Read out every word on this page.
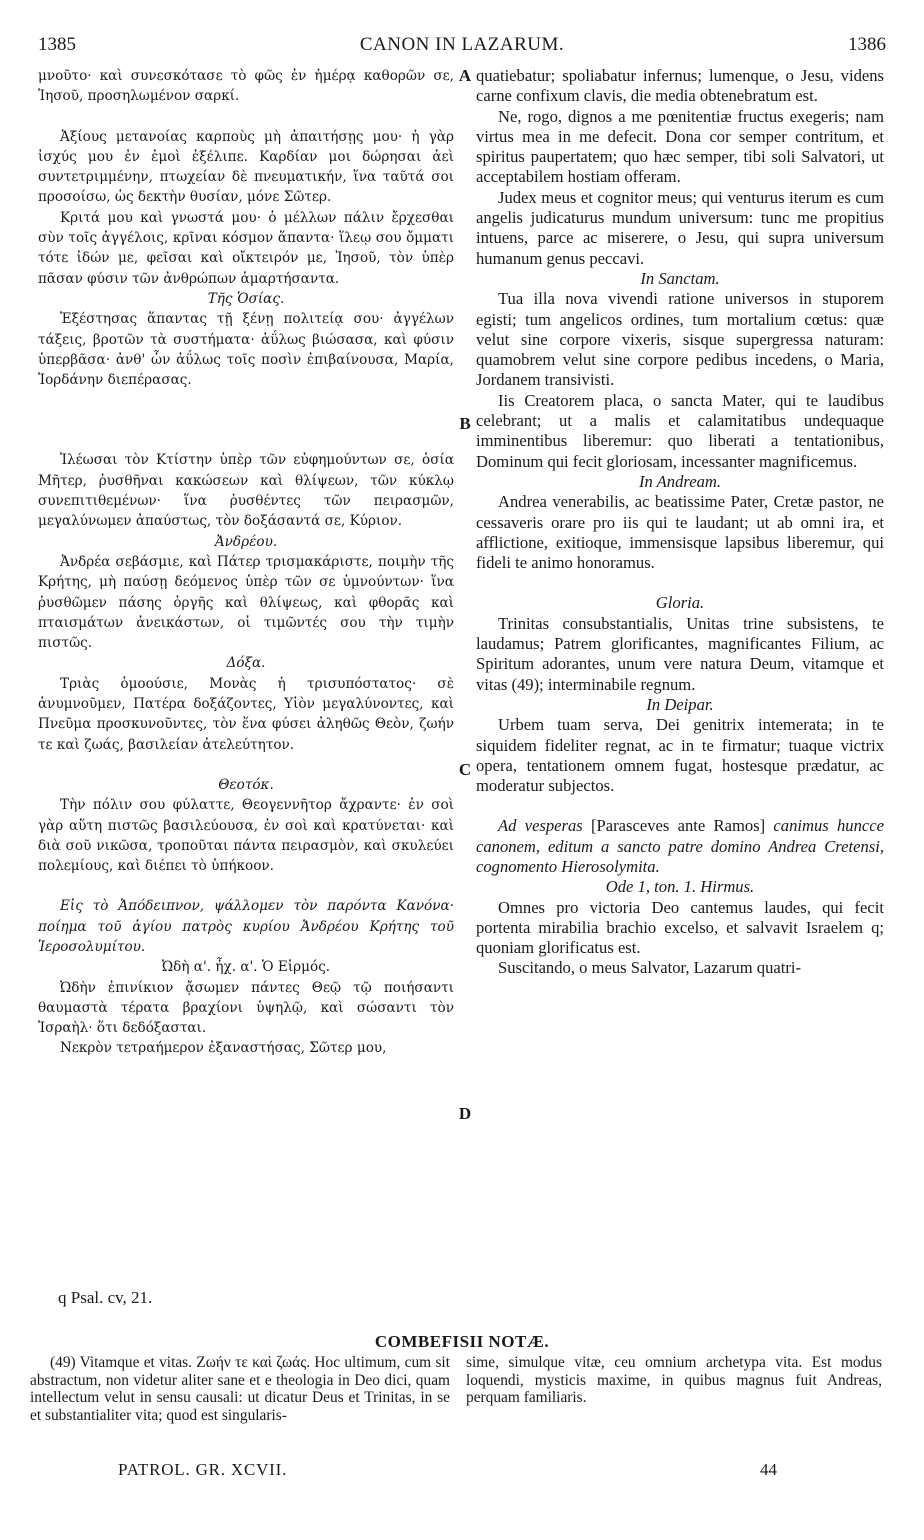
1385	CANON IN LAZARUM.	1386
A
B
C
D

μνοῦτο· καὶ συνεσκότασε τὸ φῶς ἐν ἡμέρᾳ καθορῶν σε, Ἰησοῦ, προσηλωμένον σαρκί.

Ἀξίους μετανοίας καρποὺς μὴ ἀπαιτήσῃς μου· ἡ γὰρ ἰσχύς μου ἐν ἐμοὶ ἐξέλιπε. Καρδίαν μοι δώρησαι ἀεὶ συντετριμμένην, πτωχείαν δὲ πνευματικήν, ἵνα ταῦτά σοι προσοίσω, ὡς δεκτὴν θυσίαν, μόνε Σῶτερ.

Κριτά μου καὶ γνωστά μου· ὁ μέλλων πάλιν ἔρχεσθαι σὺν τοῖς ἀγγέλοις, κρῖναι κόσμον ἅπαντα· ἵλεῳ σου ὄμματι τότε ἰδών με, φεῖσαι καὶ οἴκτειρόν με, Ἰησοῦ, τὸν ὑπὲρ πᾶσαν φύσιν τῶν ἀνθρώπων ἁμαρτήσαντα.

Τῆς Ὁσίας.

Ἐξέστησας ἅπαντας τῇ ξένῃ πολιτείᾳ σου· ἀγγέλων τάξεις, βροτῶν τὰ συστήματα· ἀΰλως βιώσασα, καὶ φύσιν ὑπερβᾶσα· ἀνθ' ὧν ἀΰλως τοῖς ποσὶν ἐπιβαίνουσα, Μαρία, Ἰορδάνην διεπέρασας.

Ἱλέωσαι τὸν Κτίστην ὑπὲρ τῶν εὐφημούντων σε, ὁσία Μῆτερ, ῥυσθῆναι κακώσεων καὶ θλίψεων, τῶν κύκλῳ συνεπιτιθεμένων· ἵνα ῥυσθέντες τῶν πειρασμῶν, μεγαλύνωμεν ἀπαύστως, τὸν δοξάσαντά σε, Κύριον.

Ἀνδρέου.

Ἀνδρέα σεβάσμιε, καὶ Πάτερ τρισμακάριστε, ποιμὴν τῆς Κρήτης, μὴ παύσῃ δεόμενος ὑπὲρ τῶν σε ὑμνούντων· ἵνα ῥυσθῶμεν πάσης ὀργῆς καὶ θλίψεως, καὶ φθορᾶς καὶ πταισμάτων ἀνεικάστων, οἱ τιμῶντές σου τὴν τιμὴν πιστῶς.

Δόξα.

Τριὰς ὁμοούσιε, Μονὰς ἡ τρισυπόστατος· σὲ ἀνυμνοῦμεν, Πατέρα δοξάζοντες, Υἱὸν μεγαλύνοντες, καὶ Πνεῦμα προσκυνοῦντες, τὸν ἕνα φύσει ἀληθῶς Θεὸν, ζωήν τε καὶ ζωάς, βασιλείαν ἀτελεύτητον.

Θεοτόκ.

Τὴν πόλιν σου φύλαττε, Θεογεννῆτορ ἄχραντε· ἐν σοὶ γὰρ αὕτη πιστῶς βασιλεύουσα, ἐν σοὶ καὶ κρατύνεται· καὶ διὰ σοῦ νικῶσα, τροποῦται πάντα πειρασμὸν, καὶ σκυλεύει πολεμίους, καὶ διέπει τὸ ὑπήκοον.

Εἰς τὸ Ἀπόδειπνον, ψάλλομεν τὸν παρόντα Κανόνα· ποίημα τοῦ ἁγίου πατρὸς κυρίου Ἀνδρέου Κρήτης τοῦ Ἱεροσολυμίτου.

Ὠδὴ α'. ἦχ. α'. Ὁ Εἱρμός.

Ὠδὴν ἐπινίκιον ᾄσωμεν πάντες Θεῷ τῷ ποιήσαντι θαυμαστὰ τέρατα βραχίονι ὑψηλῷ, καὶ σώσαντι τὸν Ἰσραὴλ· ὅτι δεδόξασται.

Νεκρὸν τετραήμερον ἐξαναστήσας, Σῶτερ μου,

quatiebatur; spoliabatur infernus; lumenque, o Jesu, videns carne confixum clavis, die media obtenebratum est.

Ne, rogo, dignos a me pœnitentiæ fructus exegeris; nam virtus mea in me defecit. Dona cor semper contritum, et spiritus paupertatem; quo hæc semper, tibi soli Salvatori, ut acceptabilem hostiam offeram.

Judex meus et cognitor meus; qui venturus iterum es cum angelis judicaturus mundum universum: tunc me propitius intuens, parce ac miserere, o Jesu, qui supra universum humanum genus peccavi.

In Sanctam.

Tua illa nova vivendi ratione universos in stuporem egisti; tum angelicos ordines, tum mortalium cœtus: quæ velut sine corpore vixeris, sisque supergressa naturam: quamobrem velut sine corpore pedibus incedens, o Maria, Jordanem transivisti.

Iis Creatorem placa, o sancta Mater, qui te laudibus celebrant; ut a malis et calamitatibus undequaque imminentibus liberemur: quo liberati a tentationibus, Dominum qui fecit gloriosam, incessanter magnificemus.

In Andream.

Andrea venerabilis, ac beatissime Pater, Cretæ pastor, ne cessaveris orare pro iis qui te laudant; ut ab omni ira, et afflictione, exitioque, immensisque lapsibus liberemur, qui fideli te animo honoramus.

Gloria.

Trinitas consubstantialis, Unitas trine subsistens, te laudamus; Patrem glorificantes, magnificantes Filium, ac Spiritum adorantes, unum vere natura Deum, vitamque et vitas (49); interminabile regnum.

In Deipar.

Urbem tuam serva, Dei genitrix intemerata; in te siquidem fideliter regnat, ac in te firmatur; tuaque victrix opera, tentationem omnem fugat, hostesque prædatur, ac moderatur subjectos.

Ad vesperas [Parasceves ante Ramos] canimus huncce canonem, editum a sancto patre domino Andrea Cretensi, cognomento Hierosolymita.

Ode 1, ton. 1. Hirmus.

Omnes pro victoria Deo cantemus laudes, qui fecit portenta mirabilia brachio excelso, et salvavit Israelem q; quoniam glorificatus est.

Suscitando, o meus Salvator, Lazarum quatri-

q Psal. cv, 21.
COMBEFISII NOTÆ.

(49) Vitamque et vitas. Ζωήν τε καὶ ζωάς. Hoc ultimum, cum sit abstractum, non videtur aliter sane et e theologia in Deo dici, quam intellectum velut in sensu causali: ut dicatur Deus et Trinitas, in se et substantialiter vita; quod est singularis-

sime, simulque vitæ, ceu omnium archetypa vita. Est modus loquendi, mysticis maxime, in quibus magnus fuit Andreas, perquam familiaris.

PATROL. GR. XCVII.	44
